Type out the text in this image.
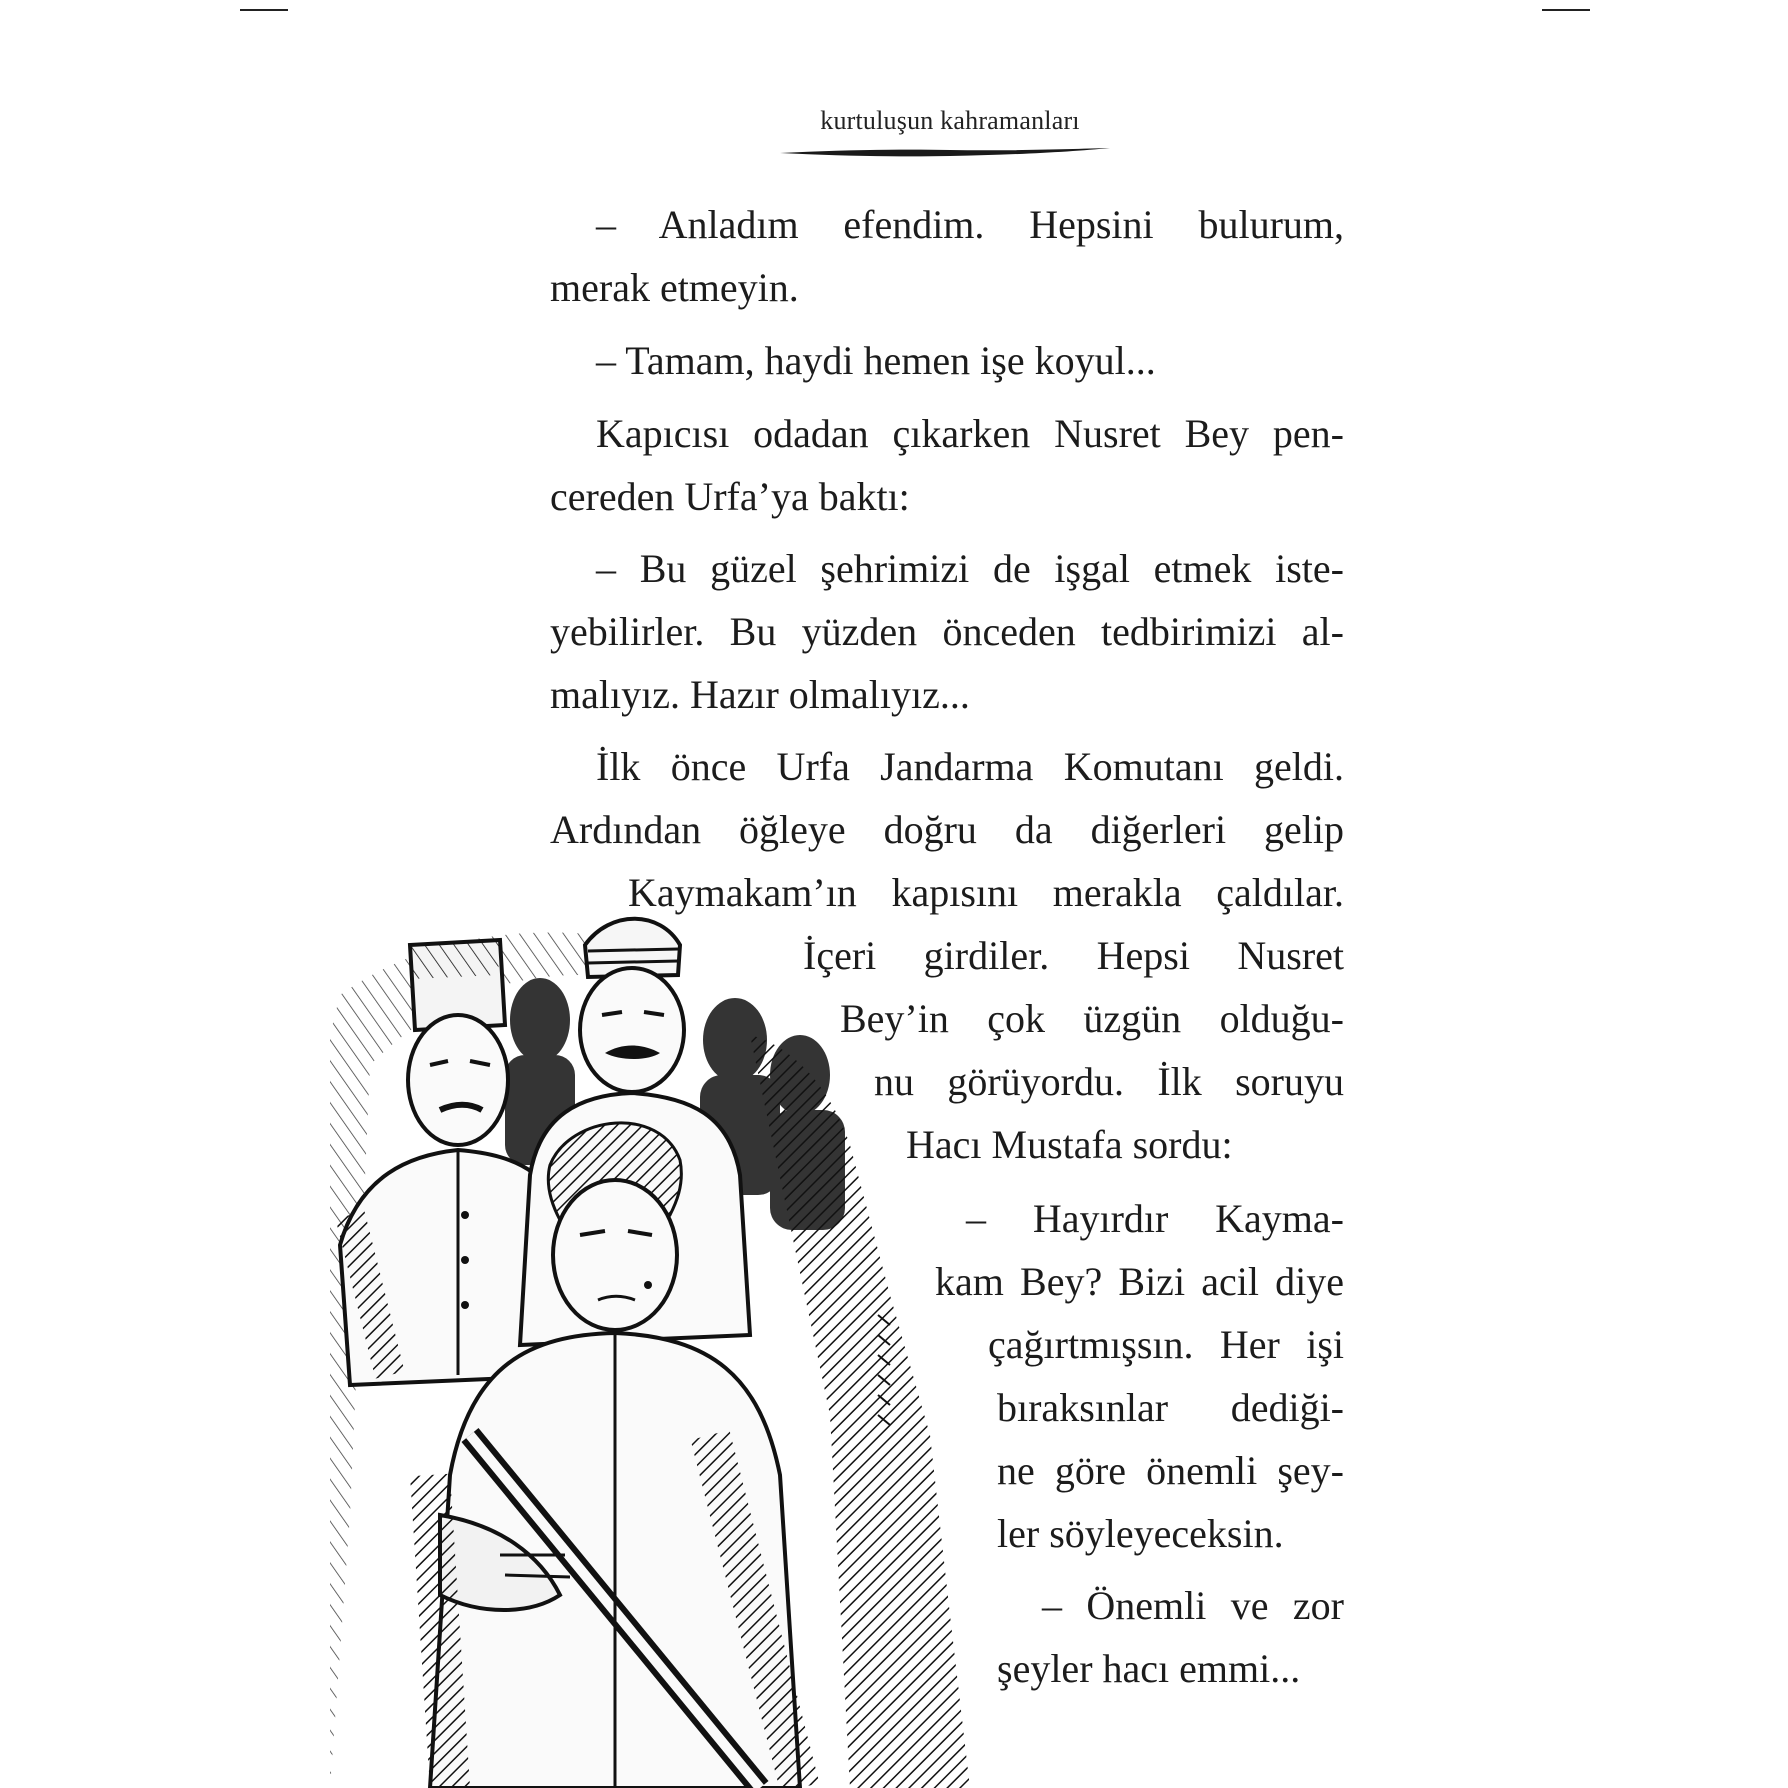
kurtuluşun kahramanları
– Anladım efendim. Hepsini bulurum,
merak etmeyin.
– Tamam, haydi hemen işe koyul...
Kapıcısı odadan çıkarken Nusret Bey pen-
cereden Urfa’ya baktı:
– Bu güzel şehrimizi de işgal etmek iste-
yebilirler. Bu yüzden önceden tedbirimizi al-
malıyız. Hazır olmalıyız...
İlk önce Urfa Jandarma Komutanı geldi.
Ardından öğleye doğru da diğerleri gelip
Kaymakam’ın kapısını merakla çaldılar.
İçeri girdiler. Hepsi Nusret
Bey’in çok üzgün olduğu-
nu görüyordu. İlk soruyu
Hacı Mustafa sordu:
– Hayırdır Kayma-
kam Bey? Bizi acil diye
çağırtmışsın. Her işi
bıraksınlar dediği-
ne göre önemli şey-
ler söyleyeceksin.
– Önemli ve zor
şeyler hacı emmi...
